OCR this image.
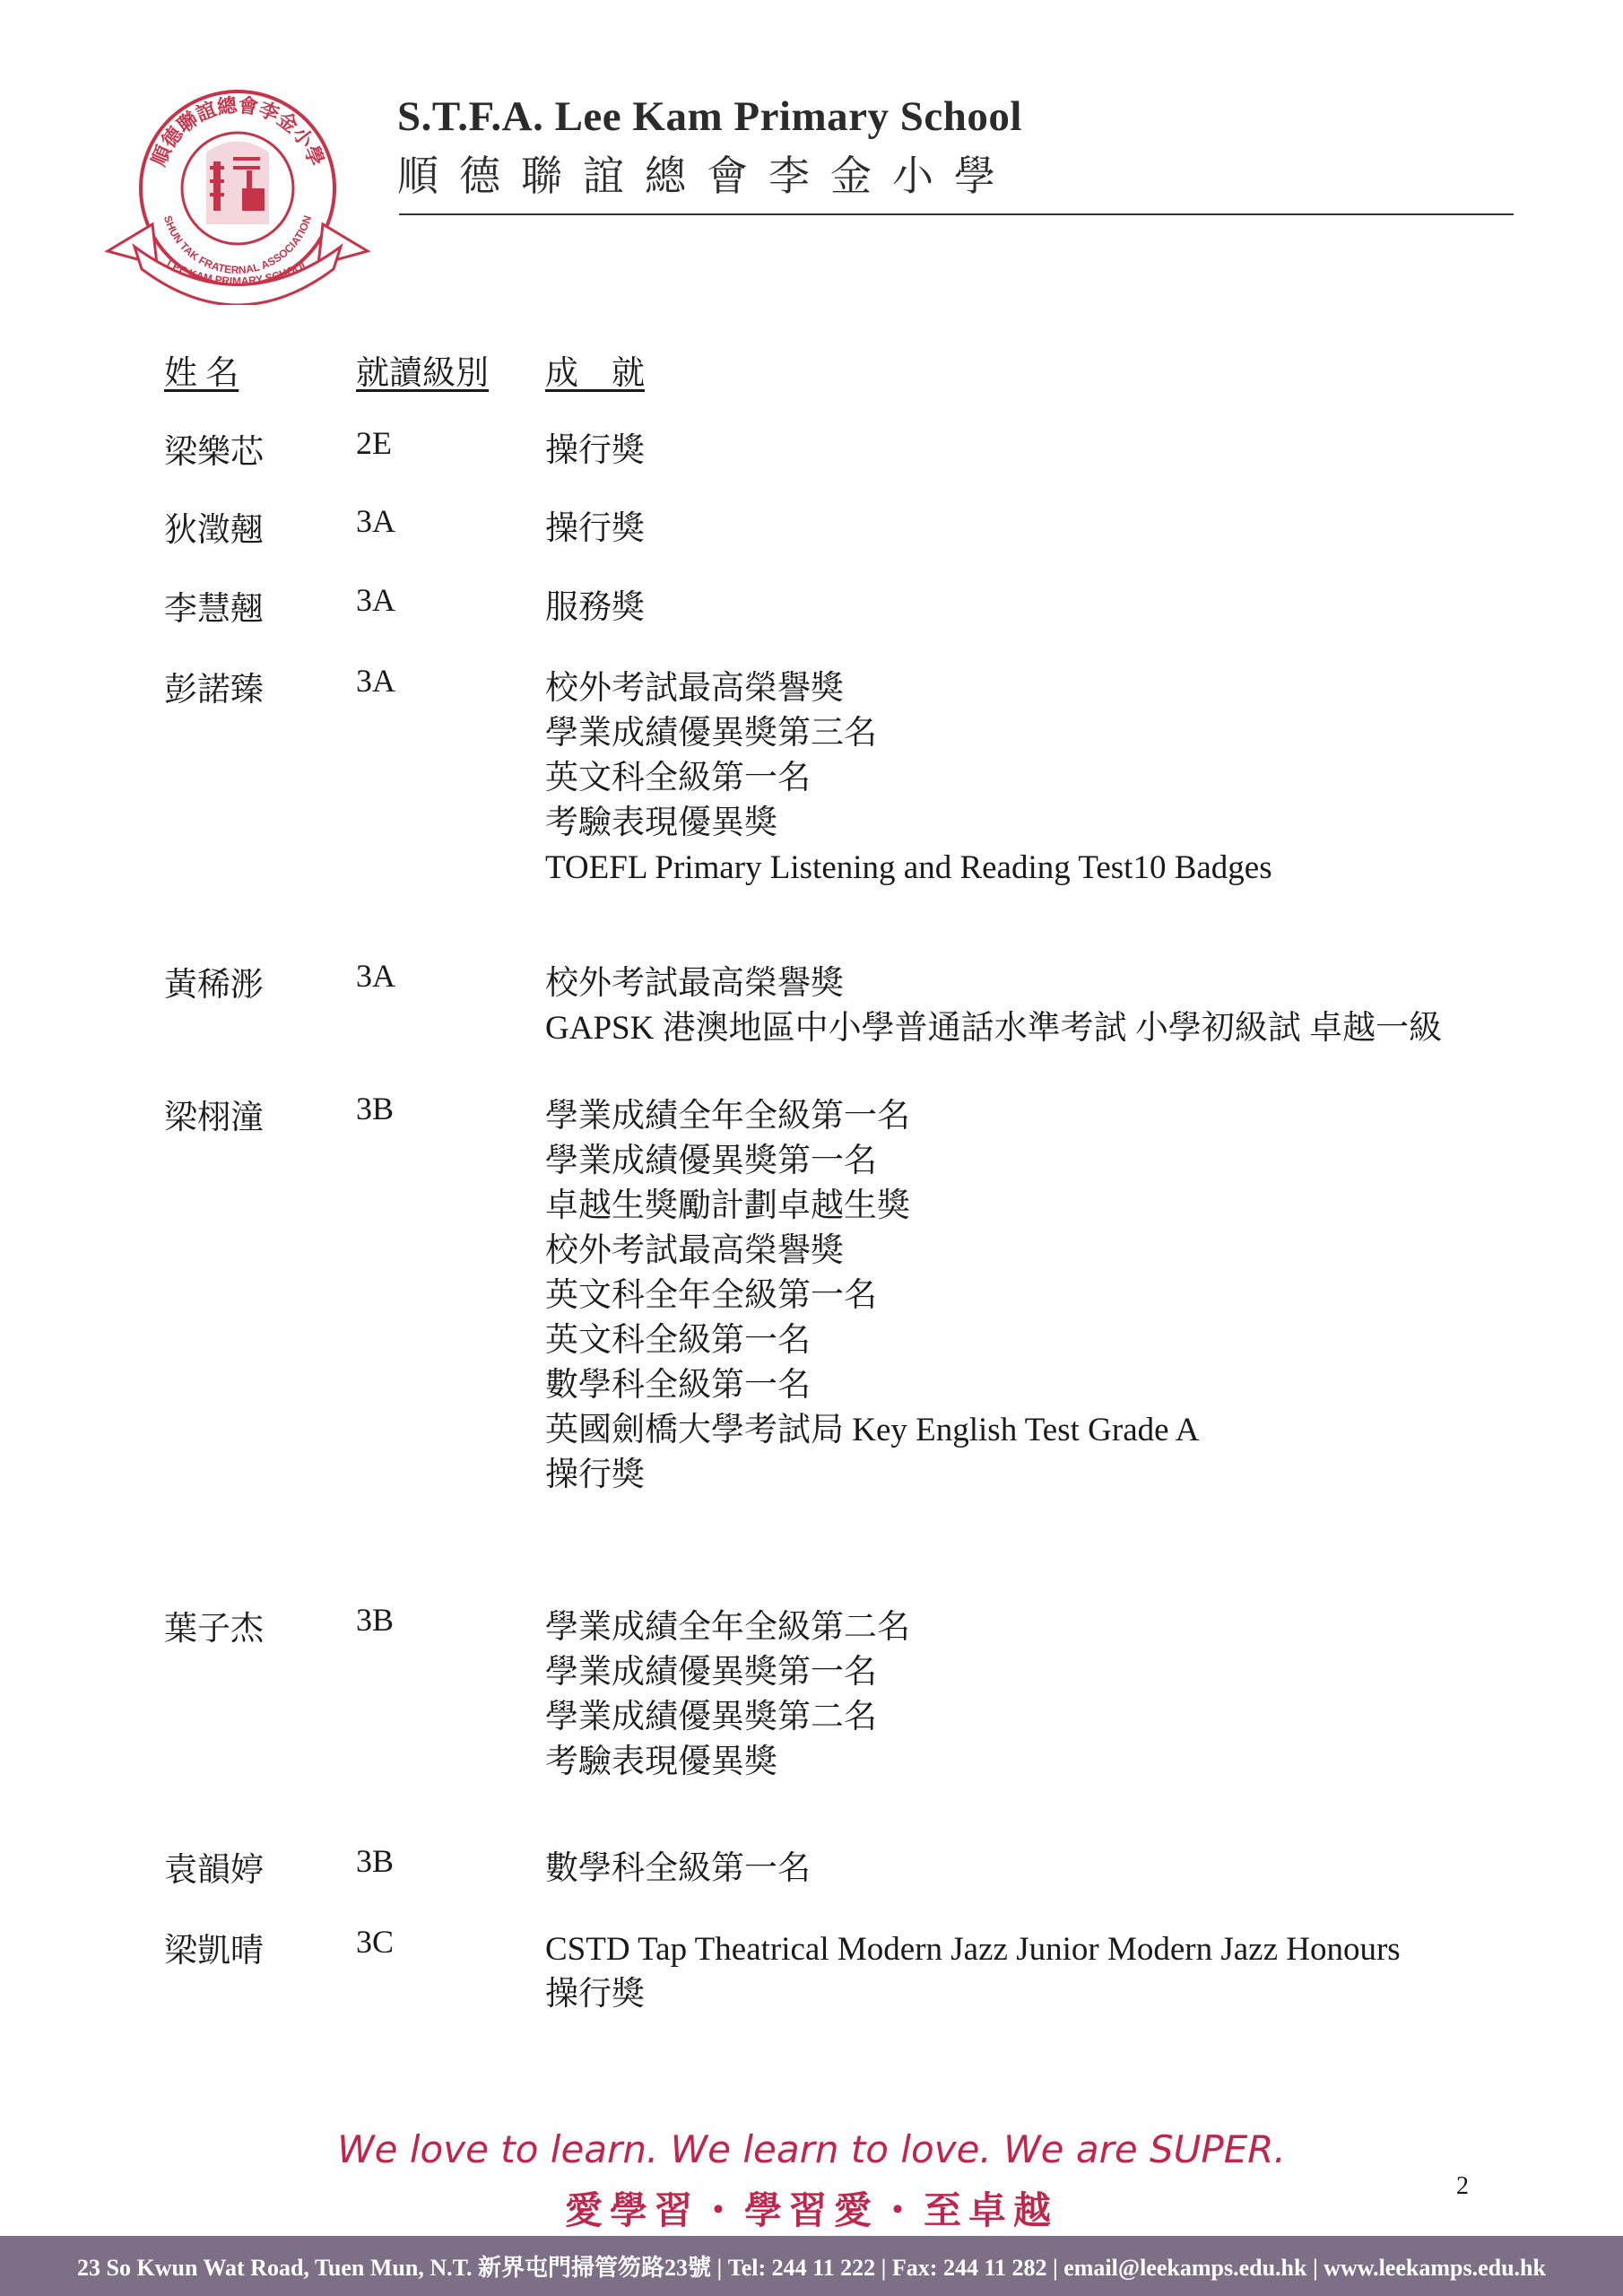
順德聯誼總會李金小學
SHUN TAK FRATERNAL ASSOCIATION
LEE KAM PRIMARY SCHOOL
S.T.F.A. Lee Kam Primary School
順德聯誼總會李金小學
姓 名	就讀級別 成　就
梁樂芯	2E	操行獎
狄澂翹	3A	操行獎
李慧翹	3A	服務獎
彭諾臻	3A	校外考試最高榮譽獎
學業成績優異獎第三名
英文科全級第一名
考驗表現優異獎
TOEFL Primary Listening and Reading Test10 Badges
黃稀浵	3A	校外考試最高榮譽獎
GAPSK 港澳地區中小學普通話水準考試 小學初級試 卓越一級
梁栩潼	3B	學業成績全年全級第一名
學業成績優異獎第一名
卓越生獎勵計劃卓越生獎
校外考試最高榮譽獎
英文科全年全級第一名
英文科全級第一名
數學科全級第一名
英國劍橋大學考試局 Key English Test Grade A
操行獎
葉子杰	3B	學業成績全年全級第二名
學業成績優異獎第一名
學業成績優異獎第二名
考驗表現優異獎
袁韻婷	3B	數學科全級第一名
梁凱晴	3C	CSTD Tap Theatrical Modern Jazz Junior Modern Jazz Honours
操行獎
We love to learn. We learn to love. We are SUPER.
愛學習・學習愛・至卓越
2
23 So Kwun Wat Road, Tuen Mun, N.T. 新界屯門掃管笏路23號 | Tel: 244 11 222 | Fax: 244 11 282 | email@leekamps.edu.hk | www.leekamps.edu.hk
